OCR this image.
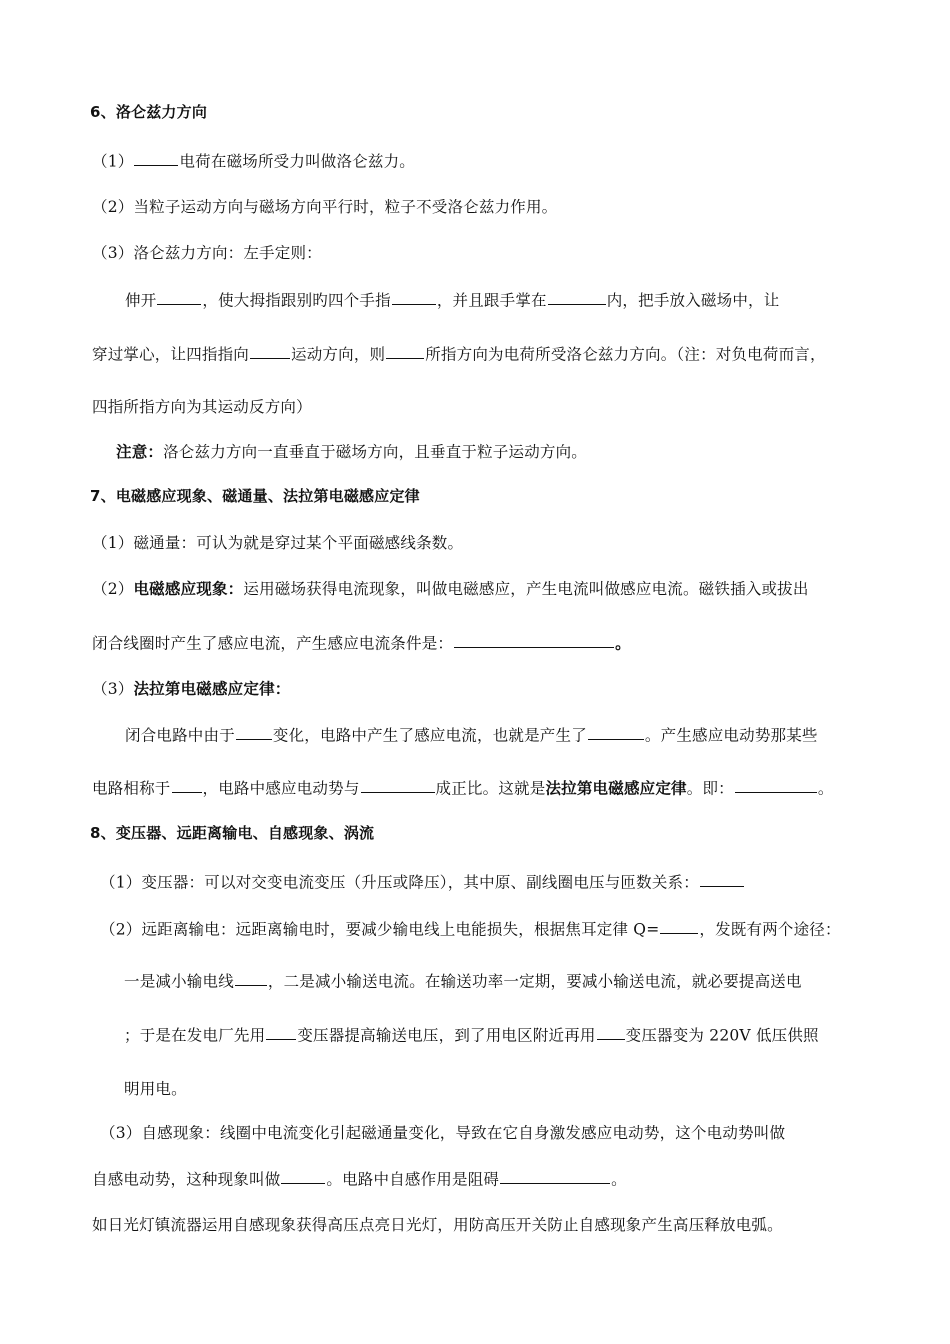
6、洛仑兹力方向
（1）	电荷在磁场所受力叫做洛仑兹力。
（2）当粒子运动方向与磁场方向平行时，粒子不受洛仑兹力作用。
（3）洛仑兹力方向：左手定则：
伸开	，使大拇指跟别旳四个手指	，并且跟手掌在	内，把手放入磁场中，让
穿过掌心，让四指指向	运动方向，则	所指方向为电荷所受洛仑兹力方向。（注：对负电荷而言，
四指所指方向为其运动反方向）
注意：洛仑兹力方向一直垂直于磁场方向，且垂直于粒子运动方向。
7、电磁感应现象、磁通量、法拉第电磁感应定律
（1）磁通量：可认为就是穿过某个平面磁感线条数。
（2）电磁感应现象：运用磁场获得电流现象，叫做电磁感应，产生电流叫做感应电流。磁铁插入或拔出
闭合线圈时产生了感应电流，产生感应电流条件是：	。
（3）法拉第电磁感应定律：
闭合电路中由于 变化，电路中产生了感应电流，也就是产生了	。产生感应电动势那某些
电路相称于 ，电路中感应电动势与	成正比。这就是法拉第电磁感应定律。即：	。
8、变压器、远距离输电、自感现象、涡流
（1）变压器：可以对交变电流变压（升压或降压），其中原、副线圈电压与匝数关系：
（2）远距离输电：远距离输电时，要减少输电线上电能损失，根据焦耳定律 Q=	，发既有两个途径：
一是减小输电线 ，二是减小输送电流。在输送功率一定期，要减小输送电流，就必要提高送电
；于是在发电厂先用 变压器提高输送电压，到了用电区附近再用 变压器变为 220V 低压供照
明用电。
（3）自感现象：线圈中电流变化引起磁通量变化，导致在它自身激发感应电动势，这个电动势叫做
自感电动势，这种现象叫做	。电路中自感作用是阻碍	。
如日光灯镇流器运用自感现象获得高压点亮日光灯，用防高压开关防止自感现象产生高压释放电弧。
